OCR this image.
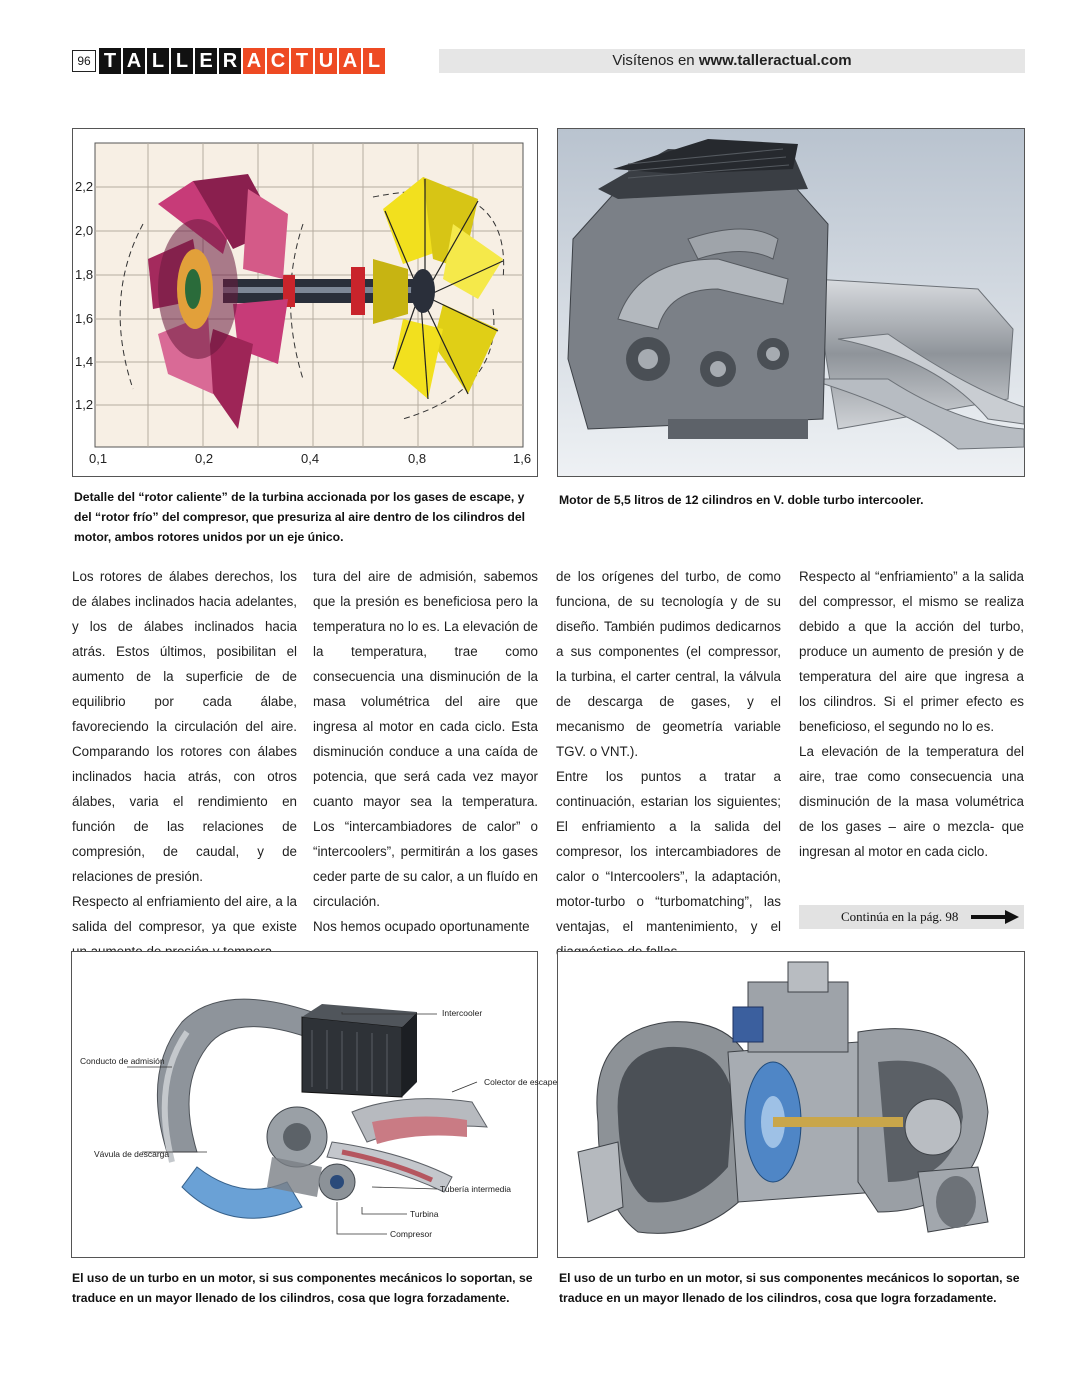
96 T A L L E R A C T U A L	Visítenos en www.talleractual.com
2,2
2,0
1,8
1,6
1,4
1,2
0,1	0,2	0,4	0,8	1,6
Detalle del “rotor caliente” de la turbina accionada por los gases de escape, y del “rotor frío” del compresor, que presuriza al aire dentro de los cilindros del motor, ambos rotores unidos por un eje único.
Motor de 5,5 litros de 12 cilindros en V. doble turbo intercooler.

Los rotores de álabes derechos, los de álabes inclinados hacia adelantes, y los de álabes inclinados hacia atrás. Estos últimos, posibilitan el aumento de la superficie de de equilibrio por cada álabe, favoreciendo la circulación del aire. Comparando los rotores con álabes inclinados hacia atrás, con otros álabes, varia el rendimiento en función de las relaciones de compresión, de caudal, y de relaciones de presión.

Respecto al enfriamiento del aire, a la salida del compresor, ya que existe

tura del aire de admisión, sabemos que la presión es beneficiosa pero la temperatura no lo es. La elevación de la temperatura, trae como consecuencia una disminución de la masa volumétrica del aire que ingresa al motor en cada ciclo. Esta disminución conduce a una caída de potencia, que será cada vez mayor cuanto mayor sea la temperatura. Los “intercambiadores de calor” o “intercoolers”, permitirán a los gases ceder parte de su calor, a un fluído en circulación.

Nos hemos ocupado oportunamente

de los orígenes del turbo, de como funciona, de su tecnología y de su diseño. También pudimos dedicarnos a sus componentes (el compressor, la turbina, el carter central, la válvula de descarga de gases, y el mecanismo de geometría variable TGV. o VNT.).

Entre los puntos a tratar a continuación, estarian los siguientes; El enfriamiento a la salida del compresor, los intercambiadores de calor o “Intercoolers”, la adaptación, motor-turbo o “turbomatching”, las ventajas, el mantenimiento, y el

Respecto al “enfriamiento” a la salida del compressor, el mismo se realiza debido a que la acción del turbo, produce un aumento de presión y de temperatura del aire que ingresa a los cilindros. Si el primer efecto es beneficioso, el segundo no lo es.

La elevación de la temperatura del aire, trae como consecuencia una disminución de la masa volumétrica de los gases – aire o mezcla- que ingresan al motor en cada ciclo.

Continúa en la pág. 98
Intercooler
Conducto de admisión
Colector de escape
Vávula de descarga
Tubería intermedia
Turbina
Compresor
El uso de un turbo en un motor, si sus componentes mecánicos lo soportan, se traduce en un mayor llenado de los cilindros, cosa que logra forzadamente.
El uso de un turbo en un motor, si sus componentes mecánicos lo soportan, se traduce en un mayor llenado de los cilindros, cosa que logra forzadamente.
